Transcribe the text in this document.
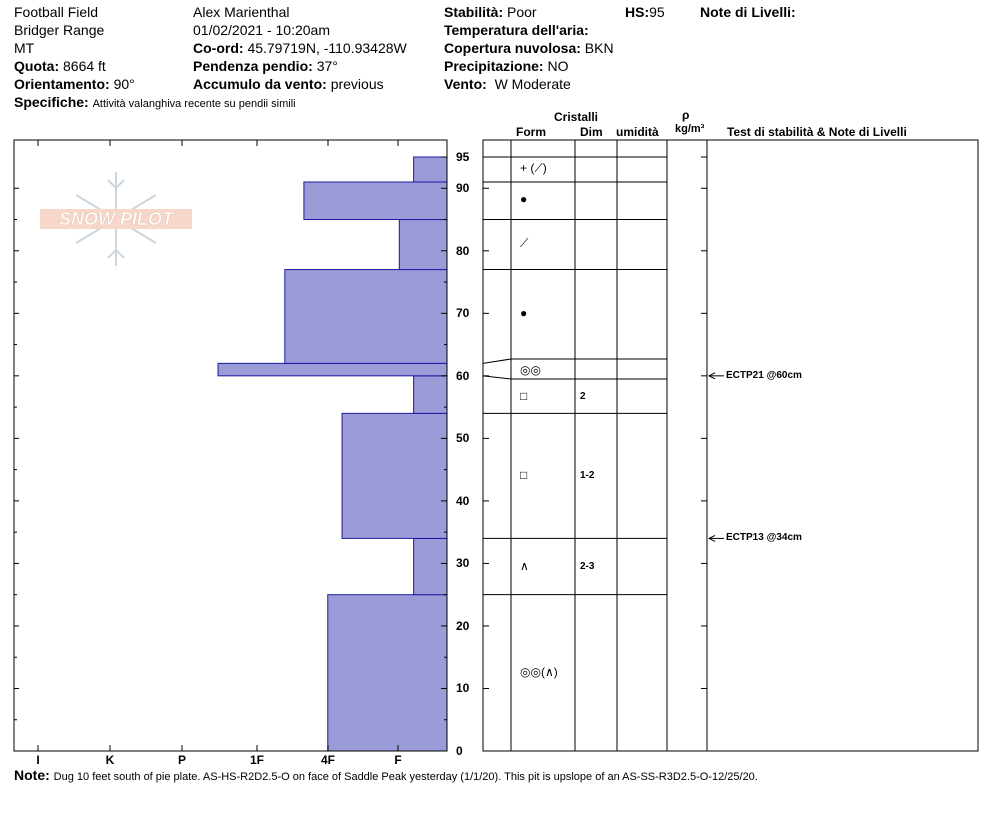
Football Field
Bridger Range
MT
Quota: 8664 ft
Orientamento: 90°
Specifiche: Attività valanghiva recente su pendii simili
Alex Marienthal
01/02/2021 - 10:20am
Co-ord: 45.79719N, -110.93428W
Pendenza pendio: 37°
Accumulo da vento: previous
Stabilità: Poor	HS:95	Note di Livelli:
Temperatura dell'aria:
Copertura nuvolosa: BKN
Precipitazione: NO
Vento: W Moderate
Cristalli
Form	Dim umidità
ρ
kg/m³ Test di stabilità & Note di Livelli
SNOW PILOT
0
10
20
30
40
50
60
70
80
90
95
I	K	P	1F	4F	F
◎◎(∧)
∧	2-3
□	1-2
□	2
◎◎
●
⟋
●
+ (⟋)
ECTP21 @60cm
ECTP13 @34cm
Note: Dug 10 feet south of pie plate. AS-HS-R2D2.5-O on face of Saddle Peak yesterday (1/1/20). This pit is upslope of an AS-SS-R3D2.5-O-12/25/20.
